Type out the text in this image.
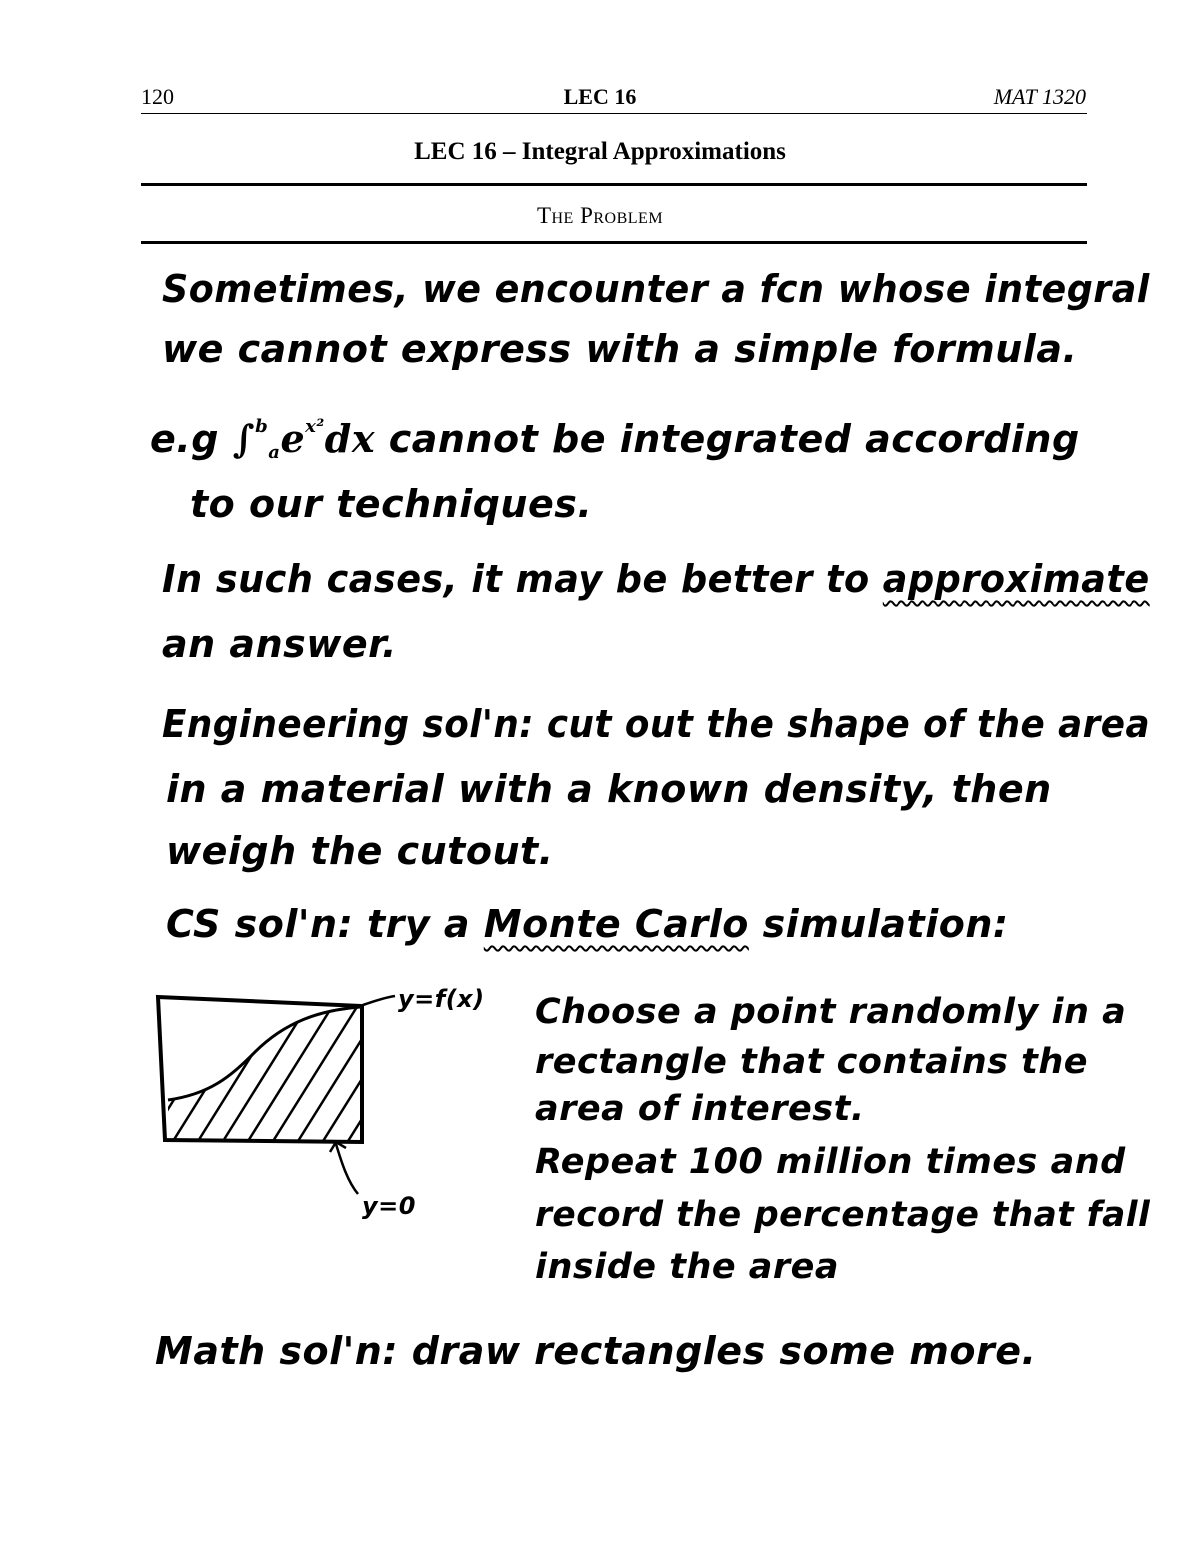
120	LEC 16	MAT 1320
LEC 16 – Integral Approximations
The Problem
Sometimes, we encounter a fcn whose integral
we cannot express with a simple formula.
e.g $\int^b_ae^{x^2}dx$ cannot be integrated according
to our techniques.
In such cases, it may be better to approximate
an answer.
Engineering sol'n: cut out the shape of the area
in a material with a known density, then
weigh the cutout.
CS sol'n: try a Monte Carlo simulation:
y=f(x)
y=0
Choose a point randomly in a
rectangle that contains the
area of interest.
Repeat 100 million times and
record the percentage that fall
inside the area
Math sol'n: draw rectangles some more.
